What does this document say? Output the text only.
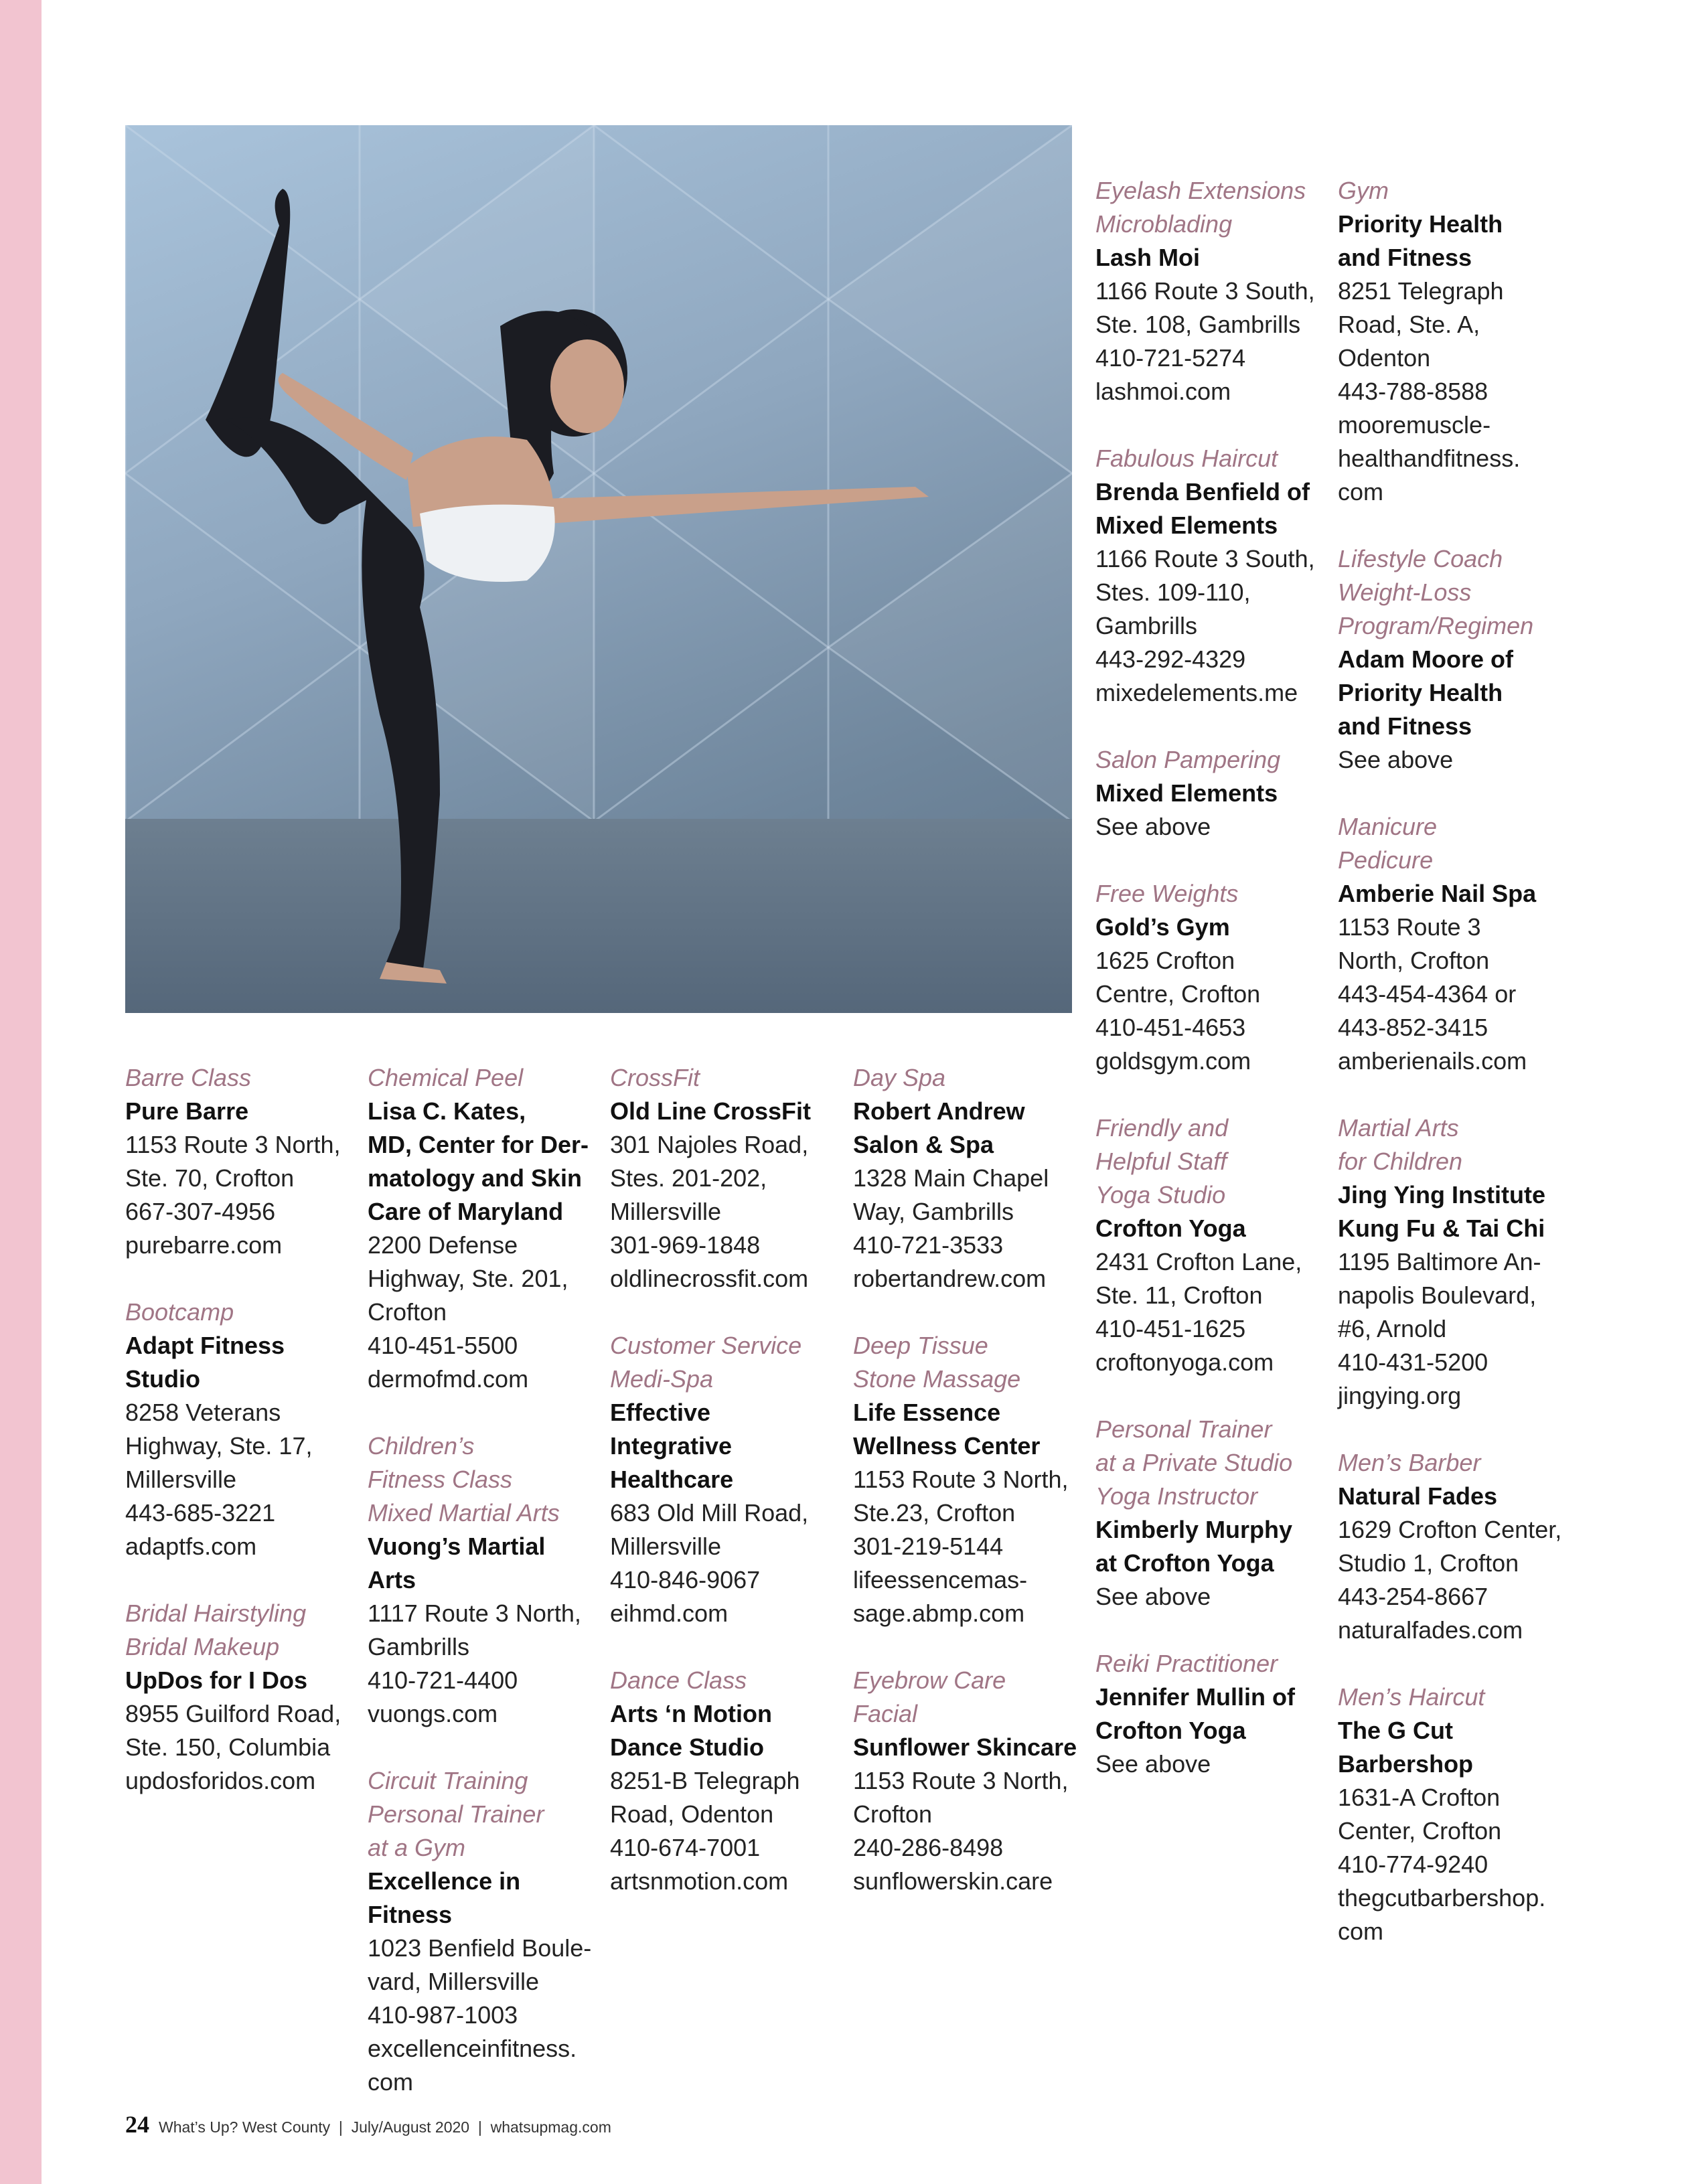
Barre Class
Pure Barre
1153 Route 3 North,
Ste. 70, Crofton
667-307-4956
purebarre.com
Bootcamp
Adapt Fitness
Studio
8258 Veterans
Highway, Ste. 17,
Millersville
443-685-3221
adaptfs.com
Bridal Hairstyling
Bridal Makeup
UpDos for I Dos
8955 Guilford Road,
Ste. 150, Columbia
updosforidos.com
Chemical Peel
Lisa C. Kates,
MD, Center for Der-
matology and Skin
Care of Maryland
2200 Defense
Highway, Ste. 201,
Crofton
410-451-5500
dermofmd.com
Children’s
Fitness Class
Mixed Martial Arts
Vuong’s Martial Arts
1117 Route 3 North,
Gambrills
410-721-4400
vuongs.com
Circuit Training
Personal Trainer
at a Gym
Excellence in
Fitness
1023 Benfield Boule-
vard, Millersville
410-987-1003
excellenceinfitness.
com
CrossFit
Old Line CrossFit
301 Najoles Road,
Stes. 201-202,
Millersville
301-969-1848
oldlinecrossfit.com
Customer Service
Medi-Spa
Effective Integrative
Healthcare
683 Old Mill Road,
Millersville
410-846-9067
eihmd.com
Dance Class
Arts ‘n Motion
Dance Studio
8251-B Telegraph
Road, Odenton
410-674-7001
artsnmotion.com
Day Spa
Robert Andrew
Salon & Spa
1328 Main Chapel
Way, Gambrills
410-721-3533
robertandrew.com
Deep Tissue
Stone Massage
Life Essence
Wellness Center
1153 Route 3 North,
Ste.23, Crofton
301-219-5144
lifeessencemas-
sage.abmp.com
Eyebrow Care
Facial
Sunflower Skincare
1153 Route 3 North,
Crofton
240-286-8498
sunflowerskin.care
Eyelash Extensions
Microblading
Lash Moi
1166 Route 3 South,
Ste. 108, Gambrills
410-721-5274
lashmoi.com
Fabulous Haircut
Brenda Benfield of
Mixed Elements
1166 Route 3 South,
Stes. 109-110,
Gambrills
443-292-4329
mixedelements.me
Salon Pampering
Mixed Elements
See above
Free Weights
Gold’s Gym
1625 Crofton
Centre, Crofton
410-451-4653
goldsgym.com
Friendly and
Helpful Staff
Yoga Studio
Crofton Yoga
2431 Crofton Lane,
Ste. 11, Crofton
410-451-1625
croftonyoga.com
Personal Trainer
at a Private Studio
Yoga Instructor
Kimberly Murphy
at Crofton Yoga
See above
Reiki Practitioner
Jennifer Mullin of
Crofton Yoga
See above
Gym
Priority Health
and Fitness
8251 Telegraph
Road, Ste. A,
Odenton
443-788-8588
mooremuscle-
healthandfitness.
com
Lifestyle Coach
Weight-Loss
Program/Regimen
Adam Moore of
Priority Health
and Fitness
See above
Manicure
Pedicure
Amberie Nail Spa
1153 Route 3
North, Crofton
443-454-4364 or
443-852-3415
amberienails.com
Martial Arts
for Children
Jing Ying Institute
Kung Fu & Tai Chi
1195 Baltimore An-
napolis Boulevard,
#6, Arnold
410-431-5200
jingying.org
Men’s Barber
Natural Fades
1629 Crofton Center,
Studio 1, Crofton
443-254-8667
naturalfades.com
Men’s Haircut
The G Cut
Barbershop
1631-A Crofton
Center, Crofton
410-774-9240
thegcutbarbershop.
com
24 What’s Up? West County  |  July/August 2020  |  whatsupmag.com
